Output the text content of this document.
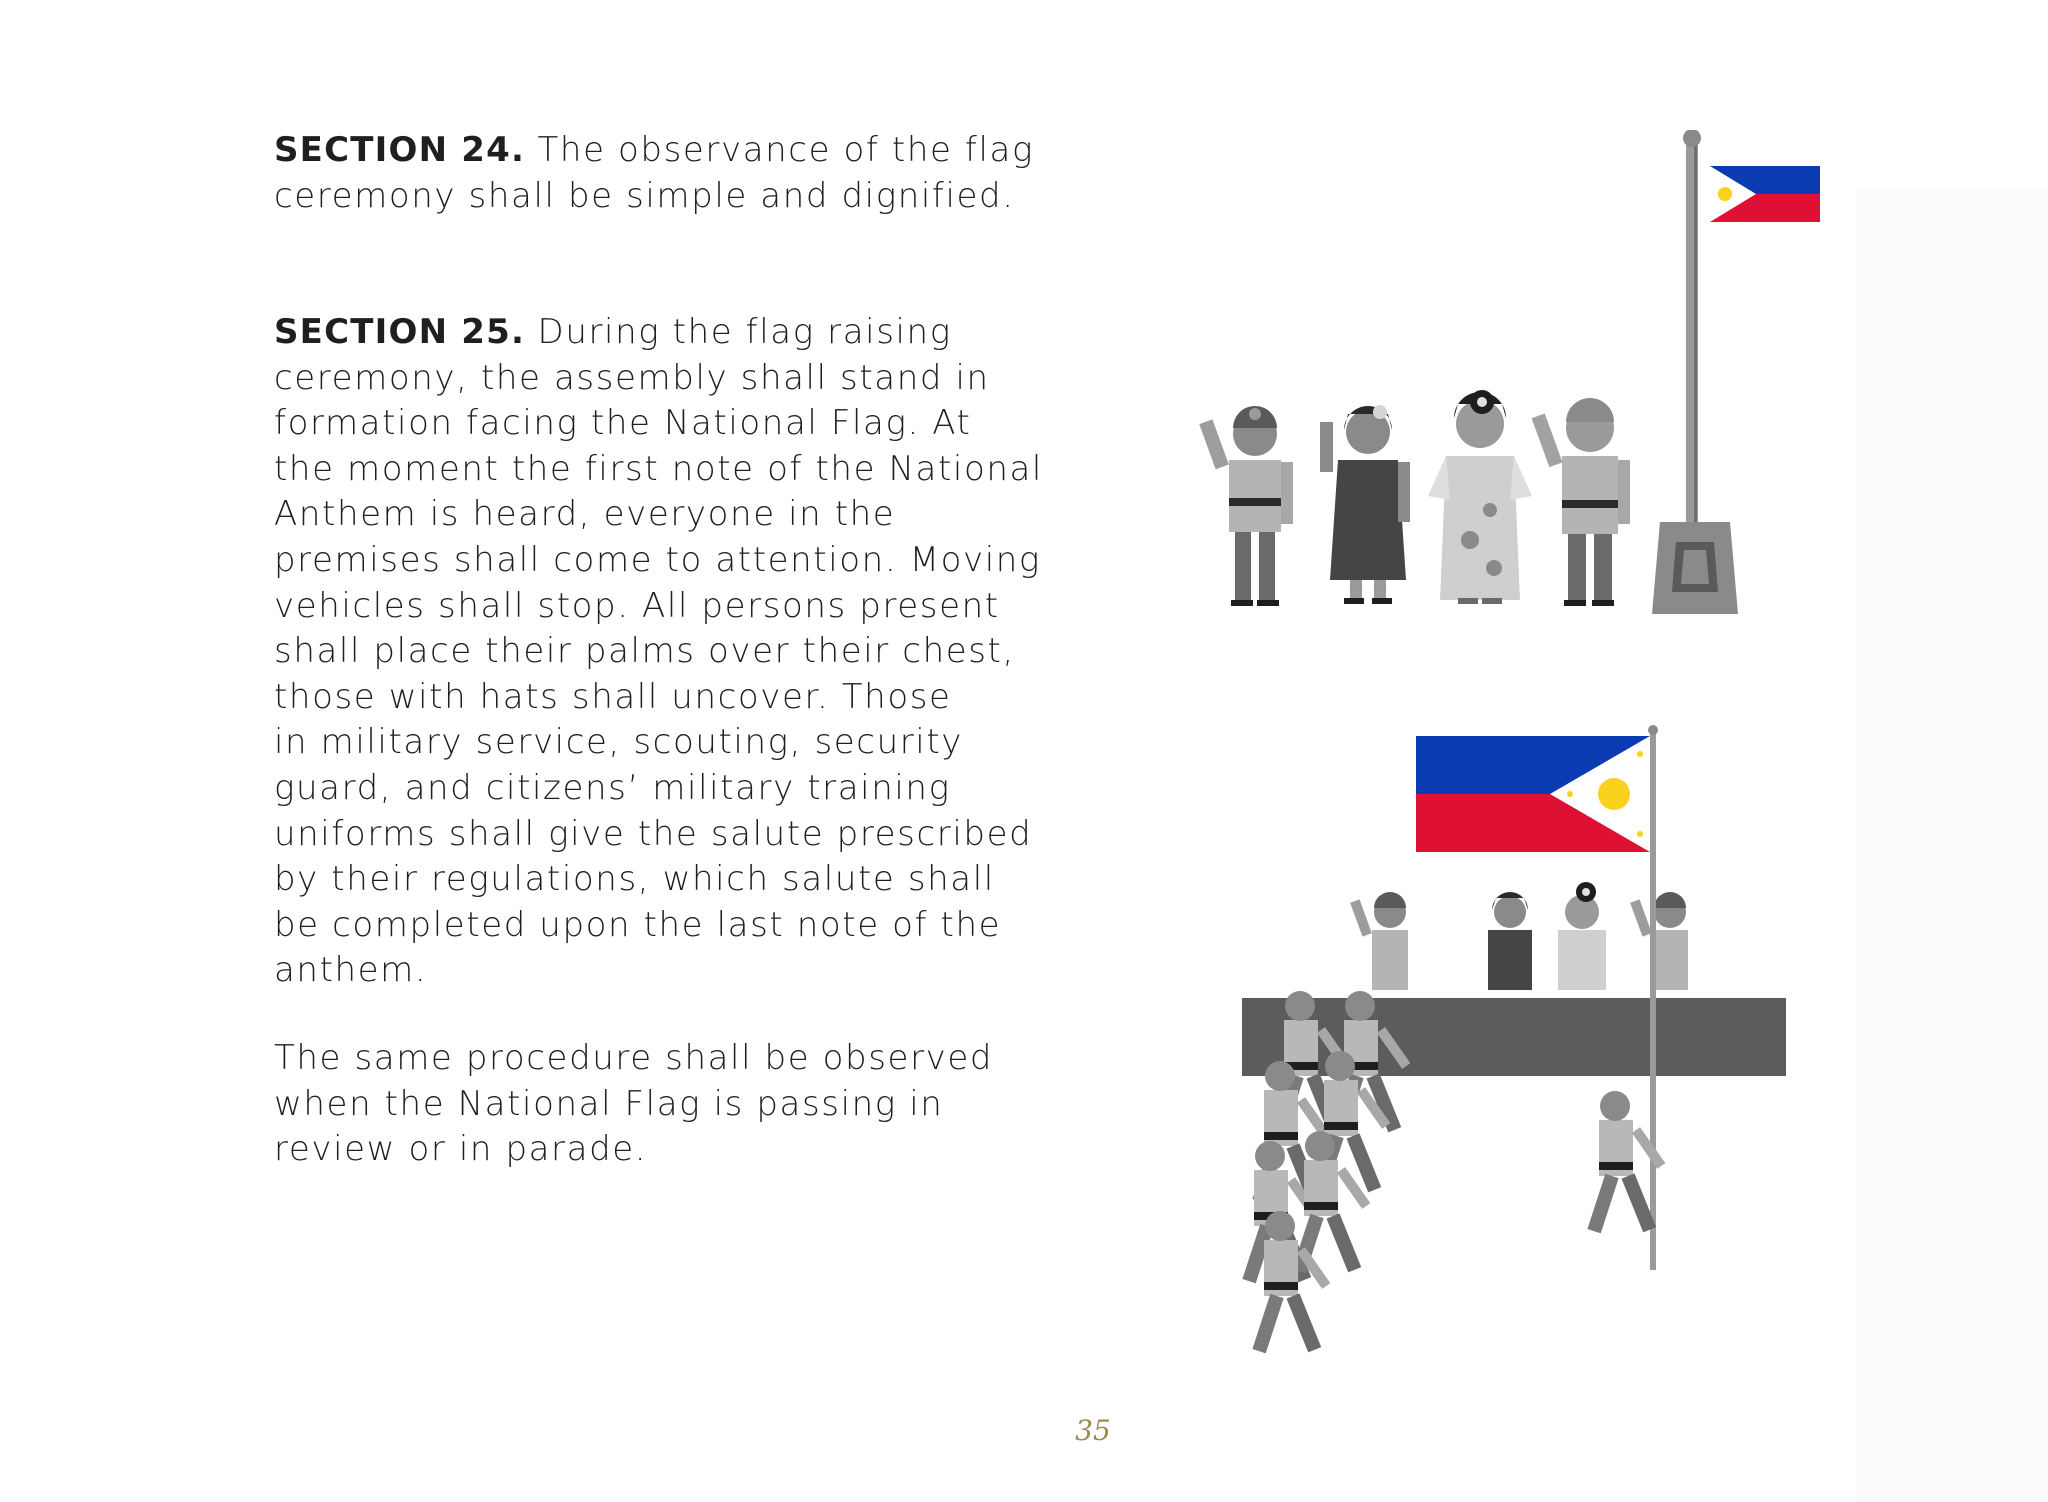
SECTION 24. The observance of the flag
ceremony shall be simple and dignified.

SECTION 25. During the flag raising
ceremony, the assembly shall stand in
formation facing the National Flag. At
the moment the first note of the National
Anthem is heard, everyone in the
premises shall come to attention. Moving
vehicles shall stop. All persons present
shall place their palms over their chest,
those with hats shall uncover. Those
in military service, scouting, security
guard, and citizens’ military training
uniforms shall give the salute prescribed
by their regulations, which salute shall
be completed upon the last note of the
anthem.

The same procedure shall be observed
when the National Flag is passing in
review or in parade.

35
